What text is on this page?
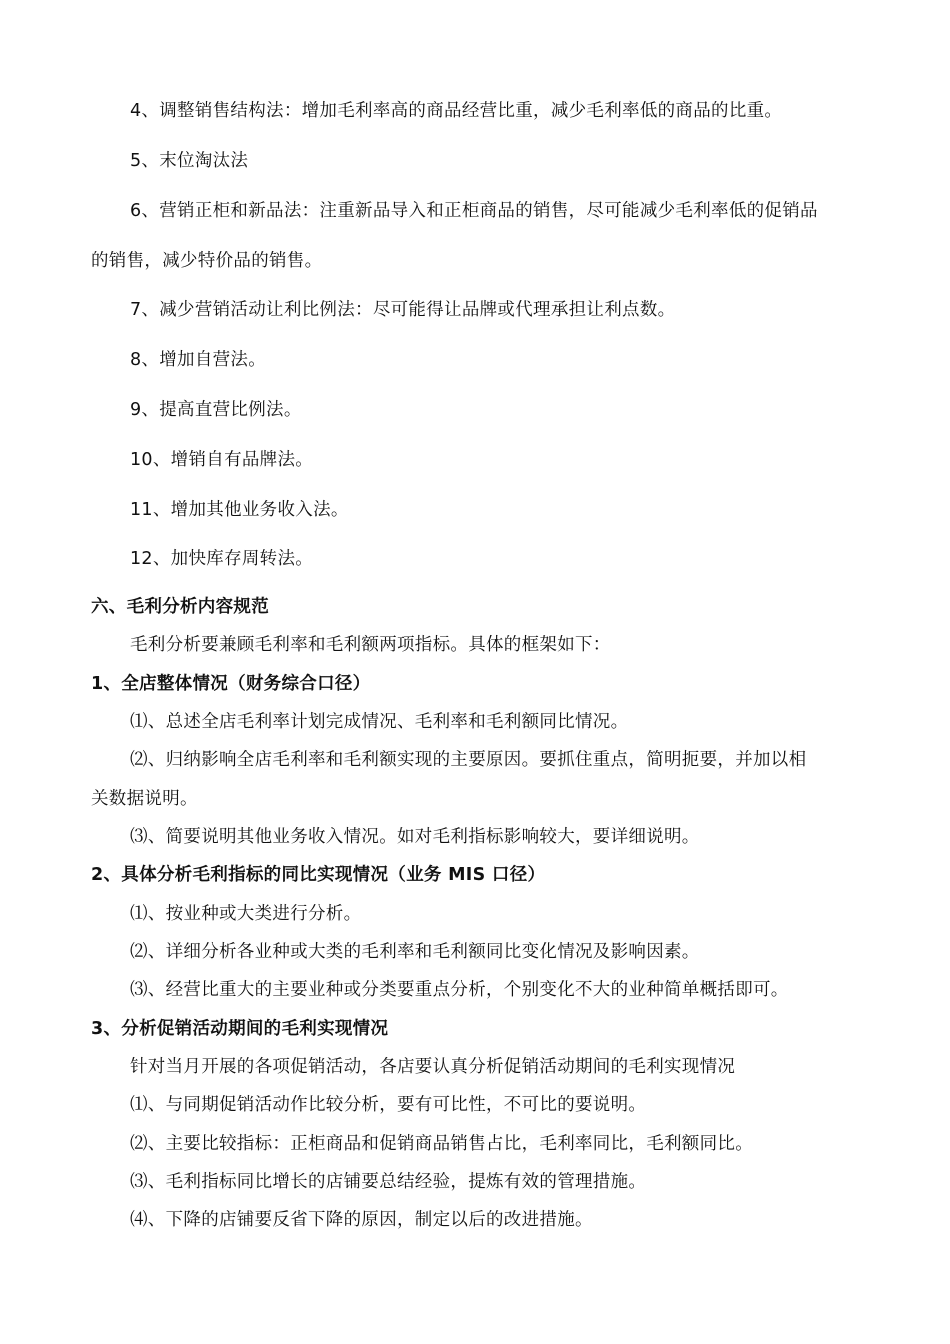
4、调整销售结构法：增加毛利率高的商品经营比重，减少毛利率低的商品的比重。
5、末位淘汰法
6、营销正柜和新品法：注重新品导入和正柜商品的销售，尽可能减少毛利率低的促销品
的销售，减少特价品的销售。
7、减少营销活动让利比例法：尽可能得让品牌或代理承担让利点数。
8、增加自营法。
9、提高直营比例法。
10、增销自有品牌法。
11、增加其他业务收入法。
12、加快库存周转法。
六、毛利分析内容规范
毛利分析要兼顾毛利率和毛利额两项指标。具体的框架如下：
1、全店整体情况（财务综合口径）
⑴、总述全店毛利率计划完成情况、毛利率和毛利额同比情况。
⑵、归纳影响全店毛利率和毛利额实现的主要原因。要抓住重点，简明扼要，并加以相
关数据说明。
⑶、简要说明其他业务收入情况。如对毛利指标影响较大，要详细说明。
2、具体分析毛利指标的同比实现情况（业务 MIS 口径）
⑴、按业种或大类进行分析。
⑵、详细分析各业种或大类的毛利率和毛利额同比变化情况及影响因素。
⑶、经营比重大的主要业种或分类要重点分析，个别变化不大的业种简单概括即可。
3、分析促销活动期间的毛利实现情况
针对当月开展的各项促销活动，各店要认真分析促销活动期间的毛利实现情况
⑴、与同期促销活动作比较分析，要有可比性，不可比的要说明。
⑵、主要比较指标：正柜商品和促销商品销售占比，毛利率同比，毛利额同比。
⑶、毛利指标同比增长的店铺要总结经验，提炼有效的管理措施。
⑷、下降的店铺要反省下降的原因，制定以后的改进措施。
